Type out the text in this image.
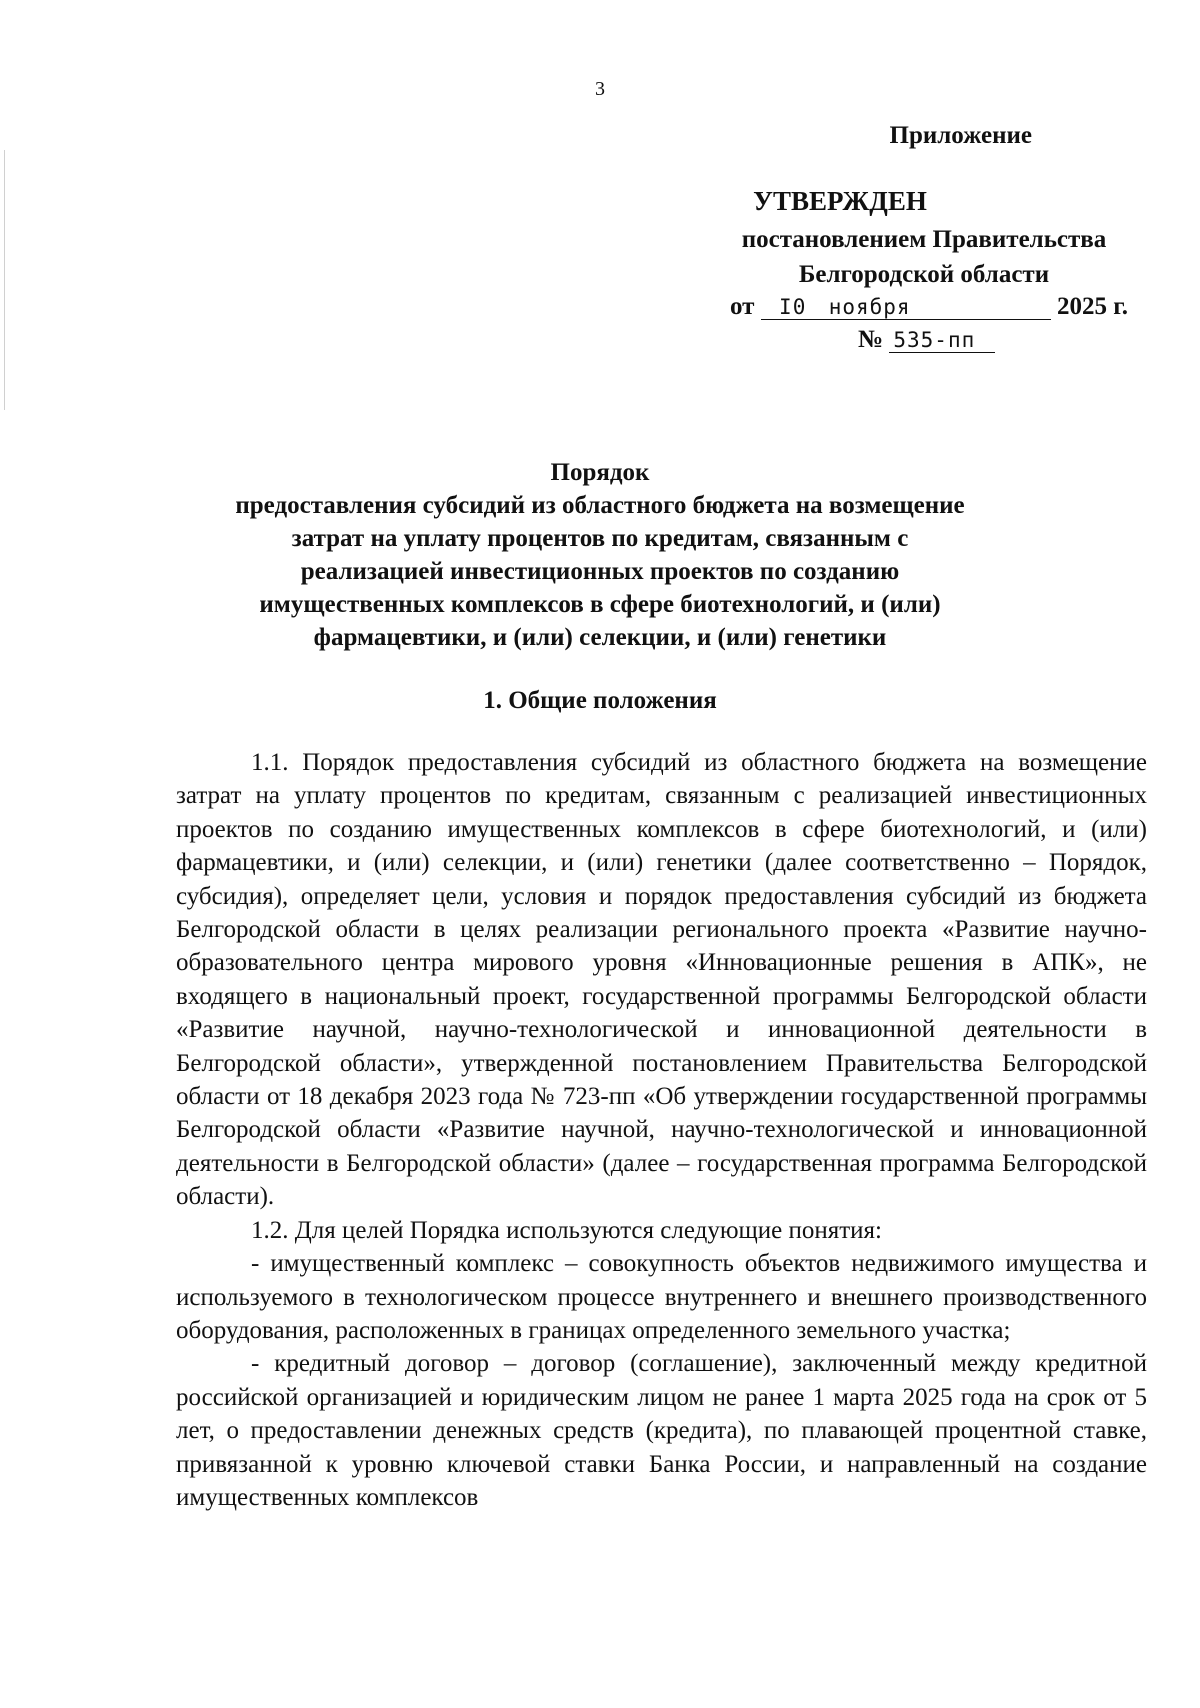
3
Приложение
УТВЕРЖДЕН
постановлением Правительства
Белгородской области
от I0 ноября	2025 г.
№ 535-пп
Порядок
предоставления субсидий из областного бюджета на возмещение затрат на уплату процентов по кредитам, связанным с реализацией инвестиционных проектов по созданию имущественных комплексов в сфере биотехнологий, и (или) фармацевтики, и (или) селекции, и (или) генетики
1. Общие положения

1.1. Порядок предоставления субсидий из областного бюджета на возмещение затрат на уплату процентов по кредитам, связанным с реализацией инвестиционных проектов по созданию имущественных комплексов в сфере биотехнологий, и (или) фармацевтики, и (или) селекции, и (или) генетики (далее соответственно – Порядок, субсидия), определяет цели, условия и порядок предоставления субсидий из бюджета Белгородской области в целях реализации регионального проекта «Развитие научно-образовательного центра мирового уровня «Инновационные решения в АПК», не входящего в национальный проект, государственной программы Белгородской области «Развитие научной, научно-технологической и инновационной деятельности в Белгородской области», утвержденной постановлением Правительства Белгородской области от 18 декабря 2023 года № 723-пп «Об утверждении государственной программы Белгородской области «Развитие научной, научно-технологической и инновационной деятельности в Белгородской области» (далее – государственная программа Белгородской области).

1.2. Для целей Порядка используются следующие понятия:

- имущественный комплекс – совокупность объектов недвижимого имущества и используемого в технологическом процессе внутреннего и внешнего производственного оборудования, расположенных в границах определенного земельного участка;

- кредитный договор – договор (соглашение), заключенный между кредитной российской организацией и юридическим лицом не ранее 1 марта 2025 года на срок от 5 лет, о предоставлении денежных средств (кредита), по плавающей процентной ставке, привязанной к уровню ключевой ставки Банка России, и направленный на создание имущественных комплексов
